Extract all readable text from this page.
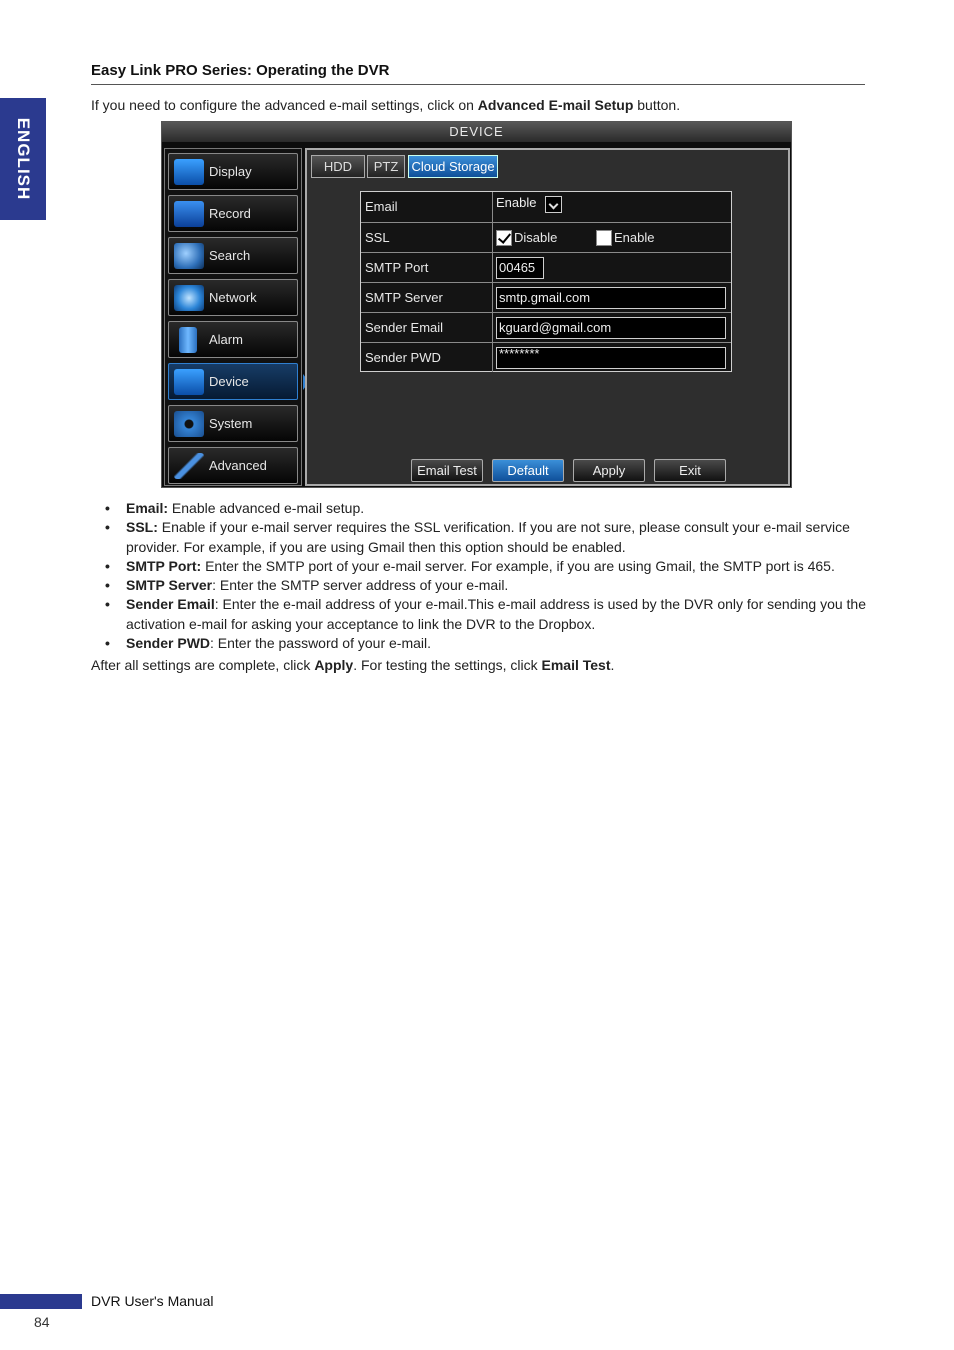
ENGLISH
Easy Link PRO Series: Operating the DVR

If you need to configure the advanced e-mail settings, click on Advanced E-mail Setup button.

DEVICE
Display
Record
Search
Network
Alarm
Device
System
Advanced
HDD	PTZ	Cloud Storage
Email	Enable
SSL	Disable	Enable
SMTP Port	00465
SMTP Server	smtp.gmail.com
Sender Email	kguard@gmail.com
Sender PWD	********
Email Test	Default	Apply	Exit
• Email: Enable advanced e-mail setup.
• SSL: Enable if your e-mail server requires the SSL verification. If you are not sure, please consult your e-mail service provider. For example, if you are using Gmail then this option should be enabled.
• SMTP Port: Enter the SMTP port of your e-mail server. For example, if you are using Gmail, the SMTP port is 465.
• SMTP Server: Enter the SMTP server address of your e-mail.
• Sender Email: Enter the e-mail address of your e-mail.This e-mail address is used by the DVR only for sending you the activation e-mail for asking your acceptance to link the DVR to the Dropbox.
• Sender PWD: Enter the password of your e-mail.

After all settings are complete, click Apply. For testing the settings, click Email Test.

DVR User's Manual
84
